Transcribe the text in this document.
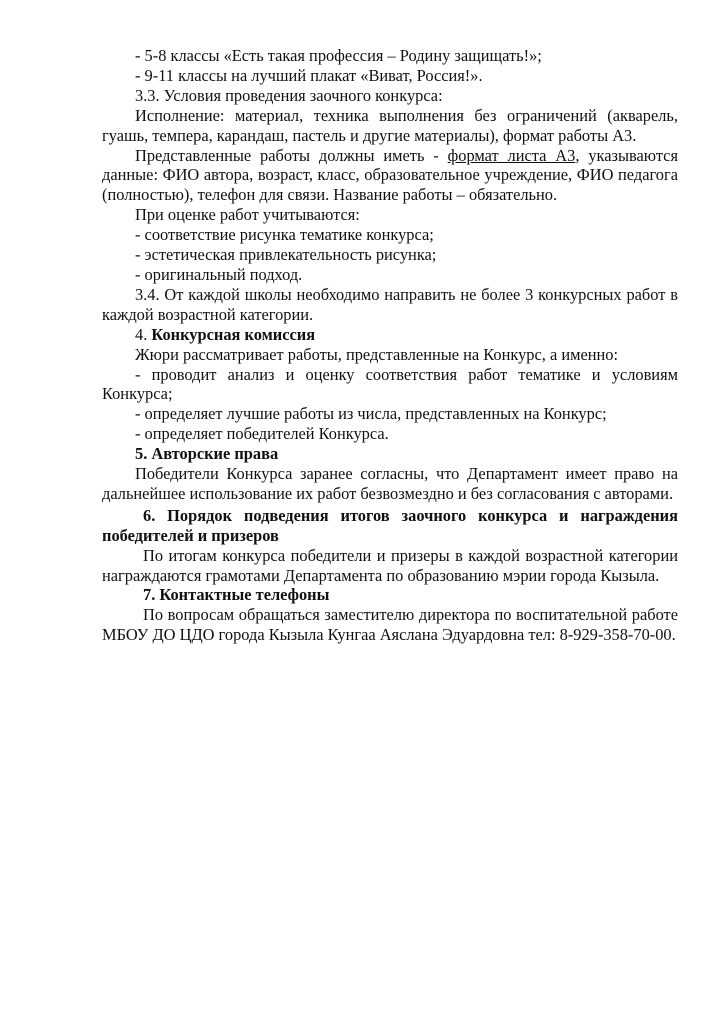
- 5-8 классы «Есть такая профессия – Родину защищать!»;

- 9-11 классы на лучший плакат «Виват, Россия!».

3.3. Условия проведения заочного конкурса:

Исполнение: материал, техника выполнения без ограничений (акварель, гуашь, темпера, карандаш, пастель и другие материалы), формат работы А3.

Представленные работы должны иметь - формат листа А3, указываются данные: ФИО автора, возраст, класс, образовательное учреждение, ФИО педагога (полностью), телефон для связи. Название работы – обязательно.

При оценке работ учитываются:

- соответствие рисунка тематике конкурса;

- эстетическая привлекательность рисунка;

- оригинальный подход.

3.4. От каждой школы необходимо направить не более 3 конкурсных работ в каждой возрастной категории.

4. Конкурсная комиссия

Жюри рассматривает работы, представленные на Конкурс, а именно:

- проводит анализ и оценку соответствия работ тематике и условиям Конкурса;

- определяет лучшие работы из числа, представленных на Конкурс;

- определяет победителей Конкурса.

5. Авторские права

Победители Конкурса заранее согласны, что Департамент имеет право на дальнейшее использование их работ безвозмездно и без согласования с авторами.

6. Порядок подведения итогов заочного конкурса и награждения победителей и призеров

По итогам конкурса победители и призеры в каждой возрастной категории награждаются грамотами Департамента по образованию мэрии города Кызыла.

7. Контактные телефоны

По вопросам обращаться заместителю директора по воспитательной работе МБОУ ДО ЦДО города Кызыла Кунгаа Аяслана Эдуардовна тел: 8-929-358-70-00.
